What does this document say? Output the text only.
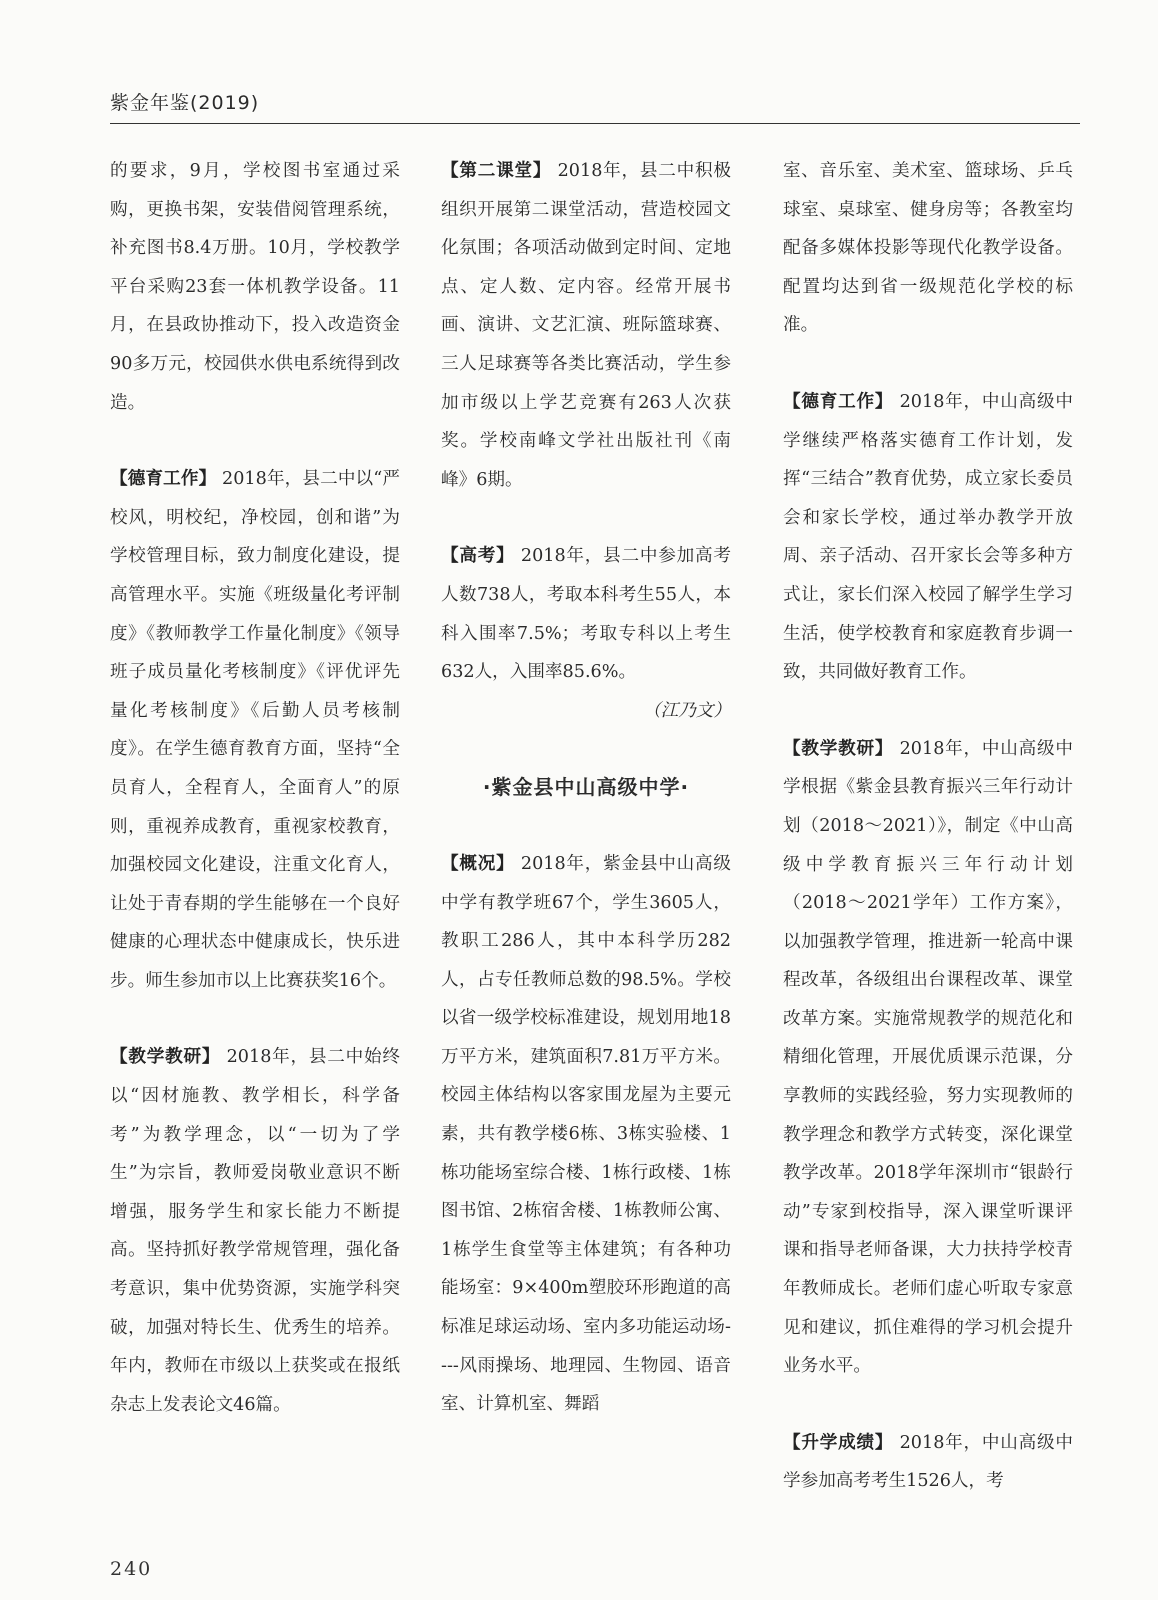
紫金年鉴(2019)

的要求，9月，学校图书室通过采购，更换书架，安装借阅管理系统，补充图书8.4万册。10月，学校教学平台采购23套一体机教学设备。11月，在县政协推动下，投入改造资金90多万元，校园供水供电系统得到改造。

【德育工作】 2018年，县二中以“严校风，明校纪，净校园，创和谐”为学校管理目标，致力制度化建设，提高管理水平。实施《班级量化考评制度》《教师教学工作量化制度》《领导班子成员量化考核制度》《评优评先量化考核制度》《后勤人员考核制度》。在学生德育教育方面，坚持“全员育人，全程育人，全面育人”的原则，重视养成教育，重视家校教育，加强校园文化建设，注重文化育人，让处于青春期的学生能够在一个良好健康的心理状态中健康成长，快乐进步。师生参加市以上比赛获奖16个。

【教学教研】 2018年，县二中始终以“因材施教、教学相长，科学备考”为教学理念，以“一切为了学生”为宗旨，教师爱岗敬业意识不断增强，服务学生和家长能力不断提高。坚持抓好教学常规管理，强化备考意识，集中优势资源，实施学科突破，加强对特长生、优秀生的培养。年内，教师在市级以上获奖或在报纸杂志上发表论文46篇。

【第二课堂】 2018年，县二中积极组织开展第二课堂活动，营造校园文化氛围；各项活动做到定时间、定地点、定人数、定内容。经常开展书画、演讲、文艺汇演、班际篮球赛、三人足球赛等各类比赛活动，学生参加市级以上学艺竞赛有263人次获奖。学校南峰文学社出版社刊《南峰》6期。

【高考】 2018年，县二中参加高考人数738人，考取本科考生55人，本科入围率7.5%；考取专科以上考生632人，入围率85.6%。

（江乃文）

·紫金县中山高级中学·

【概况】 2018年，紫金县中山高级中学有教学班67个，学生3605人，教职工286人，其中本科学历282人，占专任教师总数的98.5%。学校以省一级学校标准建设，规划用地18万平方米，建筑面积7.81万平方米。校园主体结构以客家围龙屋为主要元素，共有教学楼6栋、3栋实验楼、1栋功能场室综合楼、1栋行政楼、1栋图书馆、2栋宿舍楼、1栋教师公寓、1栋学生食堂等主体建筑；有各种功能场室：9×400m塑胶环形跑道的高标准足球运动场、室内多功能运动场----风雨操场、地理园、生物园、语音室、计算机室、舞蹈

室、音乐室、美术室、篮球场、乒乓球室、桌球室、健身房等；各教室均配备多媒体投影等现代化教学设备。配置均达到省一级规范化学校的标准。

【德育工作】 2018年，中山高级中学继续严格落实德育工作计划，发挥“三结合”教育优势，成立家长委员会和家长学校，通过举办教学开放周、亲子活动、召开家长会等多种方式让，家长们深入校园了解学生学习生活，使学校教育和家庭教育步调一致，共同做好教育工作。

【教学教研】 2018年，中山高级中学根据《紫金县教育振兴三年行动计划（2018～2021）》，制定《中山高级中学教育振兴三年行动计划（2018～2021学年）工作方案》，以加强教学管理，推进新一轮高中课程改革，各级组出台课程改革、课堂改革方案。实施常规教学的规范化和精细化管理，开展优质课示范课，分享教师的实践经验，努力实现教师的教学理念和教学方式转变，深化课堂教学改革。2018学年深圳市“银龄行动”专家到校指导，深入课堂听课评课和指导老师备课，大力扶持学校青年教师成长。老师们虚心听取专家意见和建议，抓住难得的学习机会提升业务水平。

【升学成绩】 2018年，中山高级中学参加高考考生1526人，考

240
